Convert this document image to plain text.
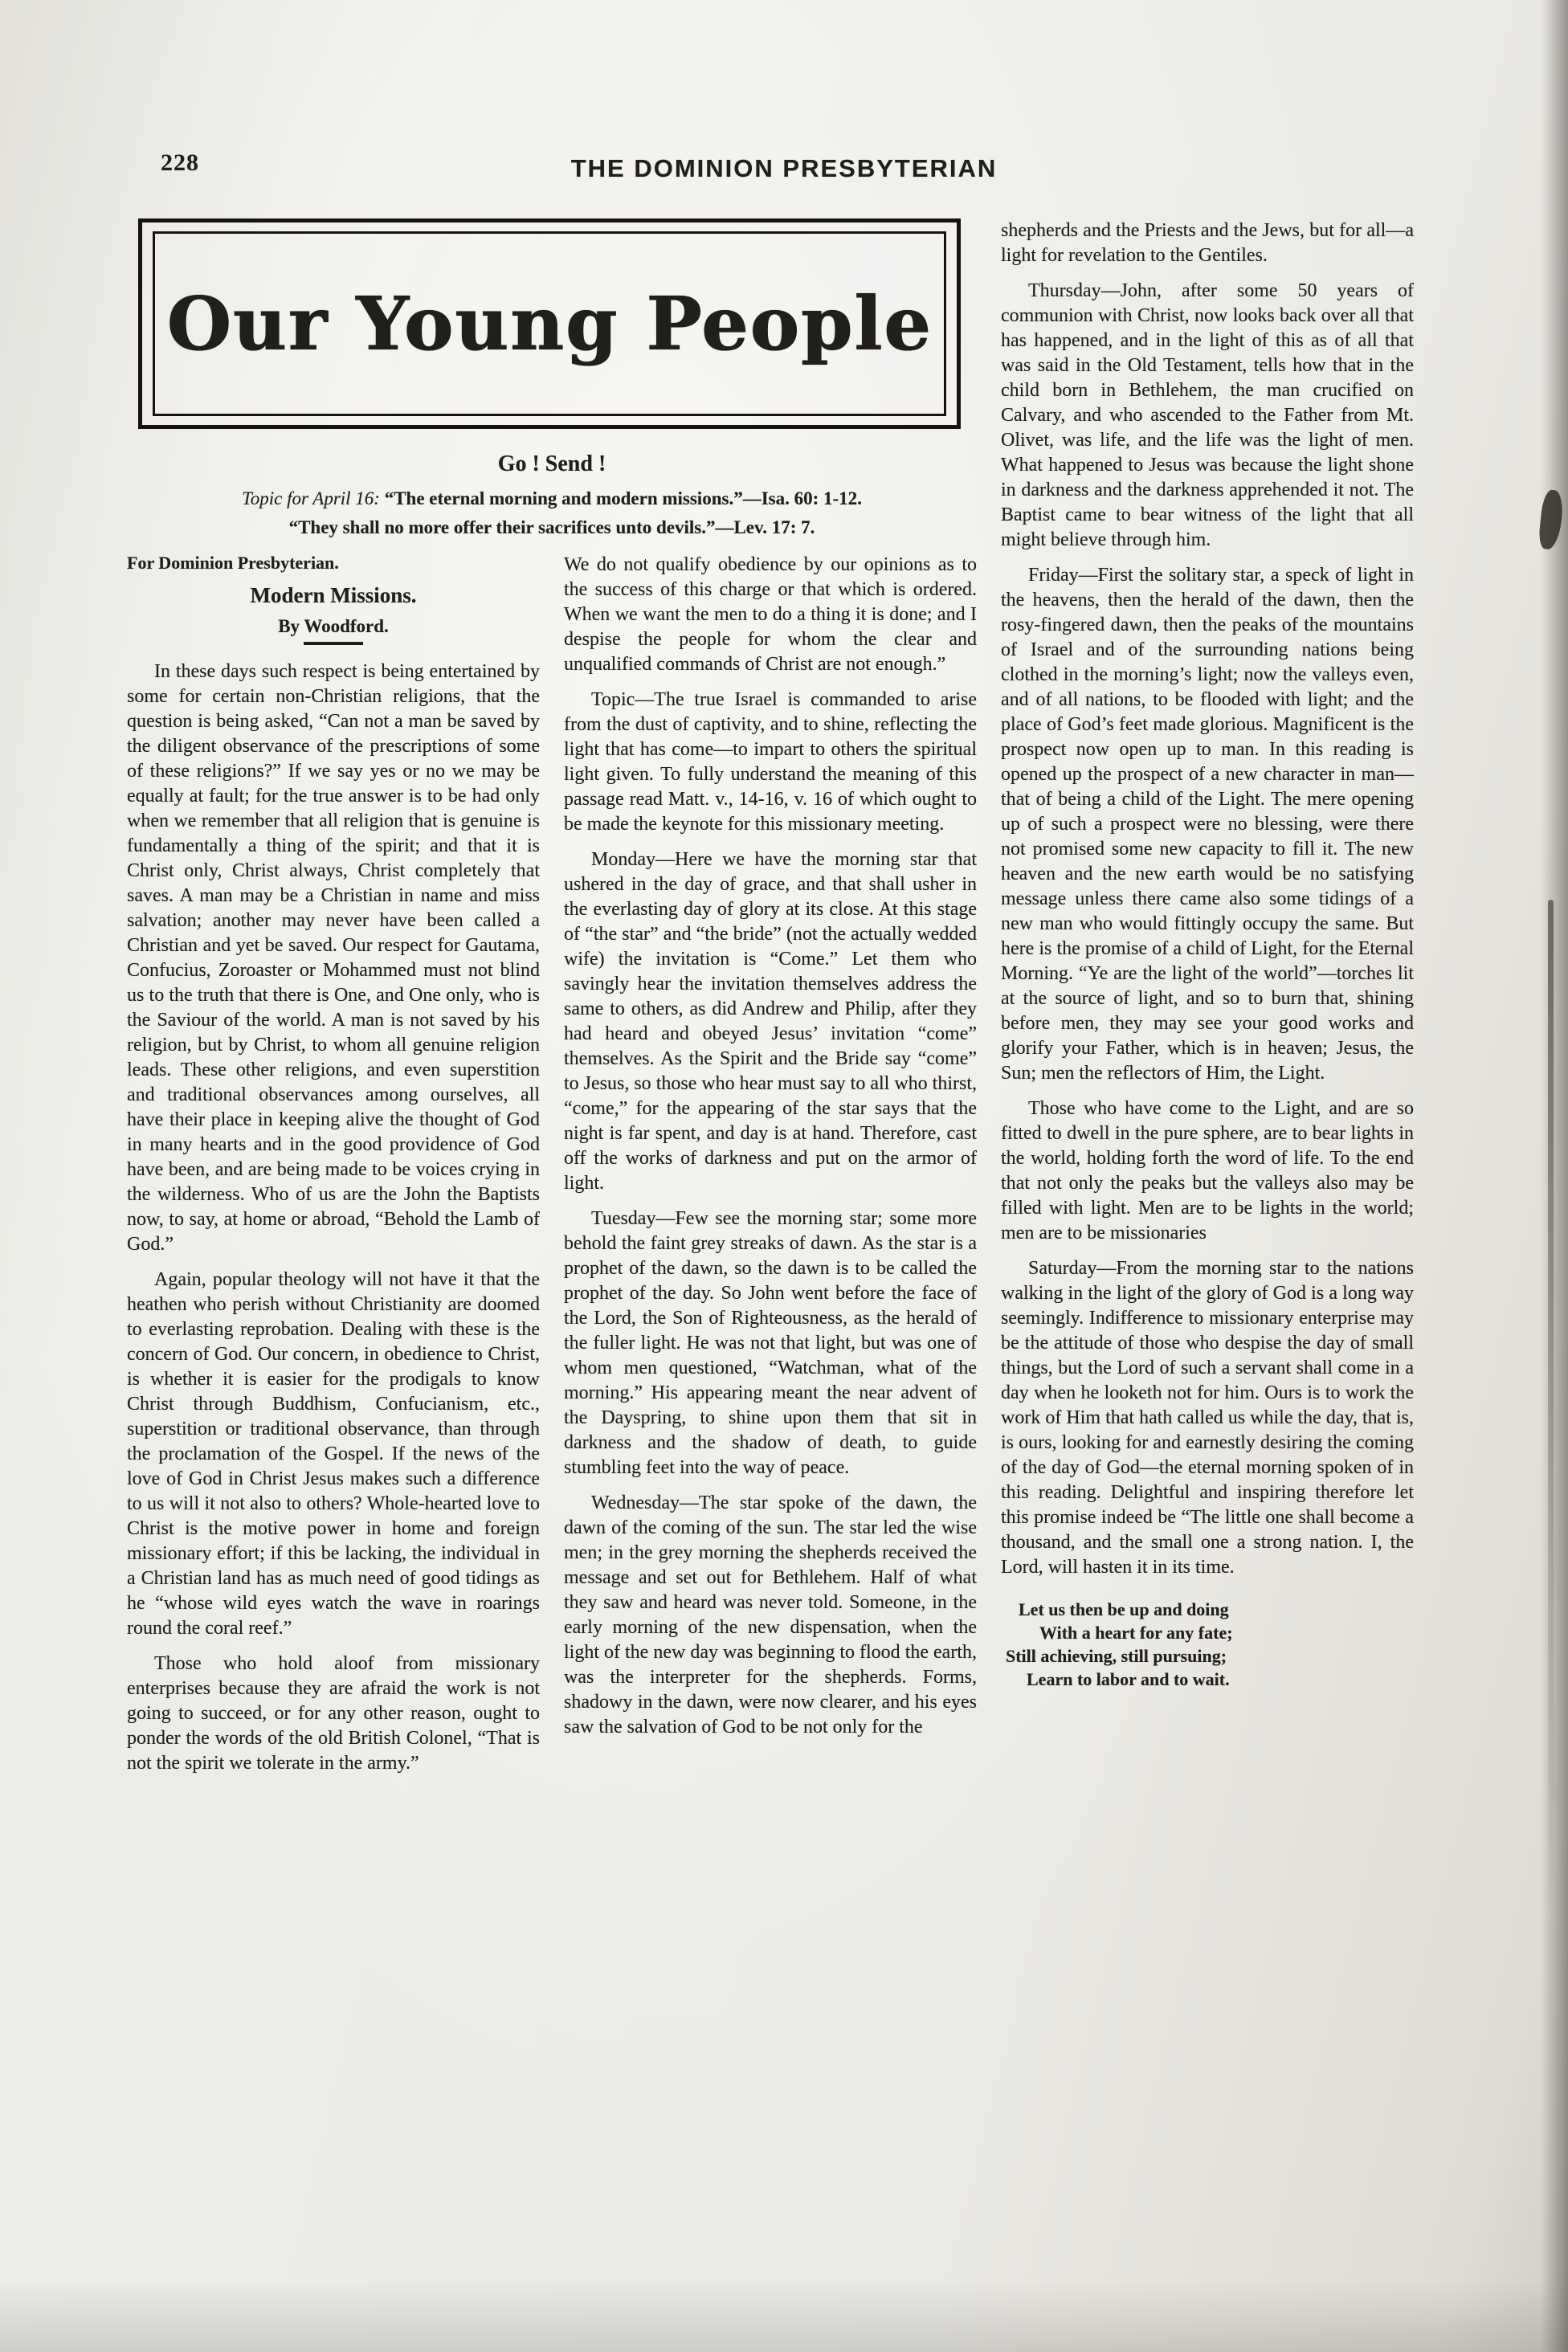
228	THE DOMINION PRESBYTERIAN
Our Young People
Go ! Send !
Topic for April 16: “The eternal morning and modern missions.”—Isa. 60: 1-12.
“They shall no more offer their sacrifices unto devils.”—Lev. 17: 7.
For Dominion Presbyterian.
Modern Missions.
By Woodford.

In these days such respect is being entertained by some for certain non-Christian religions, that the question is being asked, “Can not a man be saved by the diligent observance of the prescriptions of some of these religions?” If we say yes or no we may be equally at fault; for the true answer is to be had only when we remember that all religion that is genuine is fundamentally a thing of the spirit; and that it is Christ only, Christ always, Christ completely that saves. A man may be a Christian in name and miss salvation; another may never have been called a Christian and yet be saved. Our respect for Gautama, Confucius, Zoroaster or Mohammed must not blind us to the truth that there is One, and One only, who is the Saviour of the world. A man is not saved by his religion, but by Christ, to whom all genuine religion leads. These other religions, and even superstition and traditional observances among ourselves, all have their place in keeping alive the thought of God in many hearts and in the good providence of God have been, and are being made to be voices crying in the wilderness. Who of us are the John the Baptists now, to say, at home or abroad, “Behold the Lamb of God.”

Again, popular theology will not have it that the heathen who perish without Christianity are doomed to everlasting reprobation. Dealing with these is the concern of God. Our concern, in obedience to Christ, is whether it is easier for the prodigals to know Christ through Buddhism, Confucianism, etc., superstition or traditional observance, than through the proclamation of the Gospel. If the news of the love of God in Christ Jesus makes such a difference to us will it not also to others? Whole-hearted love to Christ is the motive power in home and foreign missionary effort; if this be lacking, the individual in a Christian land has as much need of good tidings as he “whose wild eyes watch the wave in roarings round the coral reef.”

Those who hold aloof from missionary enterprises because they are afraid the work is not going to succeed, or for any other reason, ought to ponder the words of the old British Colonel, “That is not the spirit we tolerate in the army.”

We do not qualify obedience by our opinions as to the success of this charge or that which is ordered. When we want the men to do a thing it is done; and I despise the people for whom the clear and unqualified commands of Christ are not enough.”

Topic—The true Israel is commanded to arise from the dust of captivity, and to shine, reflecting the light that has come—to impart to others the spiritual light given. To fully understand the meaning of this passage read Matt. v., 14-16, v. 16 of which ought to be made the keynote for this missionary meeting.

Monday—Here we have the morning star that ushered in the day of grace, and that shall usher in the everlasting day of glory at its close. At this stage of “the star” and “the bride” (not the actually wedded wife) the invitation is “Come.” Let them who savingly hear the invitation themselves address the same to others, as did Andrew and Philip, after they had heard and obeyed Jesus’ invitation “come” themselves. As the Spirit and the Bride say “come” to Jesus, so those who hear must say to all who thirst, “come,” for the appearing of the star says that the night is far spent, and day is at hand. Therefore, cast off the works of darkness and put on the armor of light.

Tuesday—Few see the morning star; some more behold the faint grey streaks of dawn. As the star is a prophet of the dawn, so the dawn is to be called the prophet of the day. So John went before the face of the Lord, the Son of Righteousness, as the herald of the fuller light. He was not that light, but was one of whom men questioned, “Watchman, what of the morning.” His appearing meant the near advent of the Dayspring, to shine upon them that sit in darkness and the shadow of death, to guide stumbling feet into the way of peace.

Wednesday—The star spoke of the dawn, the dawn of the coming of the sun. The star led the wise men; in the grey morning the shepherds received the message and set out for Bethlehem. Half of what they saw and heard was never told. Someone, in the early morning of the new dispensation, when the light of the new day was beginning to flood the earth, was the interpreter for the shepherds. Forms, shadowy in the dawn, were now clearer, and his eyes saw the salvation of God to be not only for the

shepherds and the Priests and the Jews, but for all—a light for revelation to the Gentiles.

Thursday—John, after some 50 years of communion with Christ, now looks back over all that has happened, and in the light of this as of all that was said in the Old Testament, tells how that in the child born in Bethlehem, the man crucified on Calvary, and who ascended to the Father from Mt. Olivet, was life, and the life was the light of men. What happened to Jesus was because the light shone in darkness and the darkness apprehended it not. The Baptist came to bear witness of the light that all might believe through him.

Friday—First the solitary star, a speck of light in the heavens, then the herald of the dawn, then the rosy-fingered dawn, then the peaks of the mountains of Israel and of the surrounding nations being clothed in the morning’s light; now the valleys even, and of all nations, to be flooded with light; and the place of God’s feet made glorious. Magnificent is the prospect now open up to man. In this reading is opened up the prospect of a new character in man—that of being a child of the Light. The mere opening up of such a prospect were no blessing, were there not promised some new capacity to fill it. The new heaven and the new earth would be no satisfying message unless there came also some tidings of a new man who would fittingly occupy the same. But here is the promise of a child of Light, for the Eternal Morning. “Ye are the light of the world”—torches lit at the source of light, and so to burn that, shining before men, they may see your good works and glorify your Father, which is in heaven; Jesus, the Sun; men the reflectors of Him, the Light.

Those who have come to the Light, and are so fitted to dwell in the pure sphere, are to bear lights in the world, holding forth the word of life. To the end that not only the peaks but the valleys also may be filled with light. Men are to be lights in the world; men are to be missionaries

Saturday—From the morning star to the nations walking in the light of the glory of God is a long way seemingly. Indifference to missionary enterprise may be the attitude of those who despise the day of small things, but the Lord of such a servant shall come in a day when he looketh not for him. Ours is to work the work of Him that hath called us while the day, that is, is ours, looking for and earnestly desiring the coming of the day of God—the eternal morning spoken of in this reading. Delightful and inspiring therefore let this promise indeed be “The little one shall become a thousand, and the small one a strong nation. I, the Lord, will hasten it in its time.

Let us then be up and doing
With a heart for any fate;
Still achieving, still pursuing;
Learn to labor and to wait.
